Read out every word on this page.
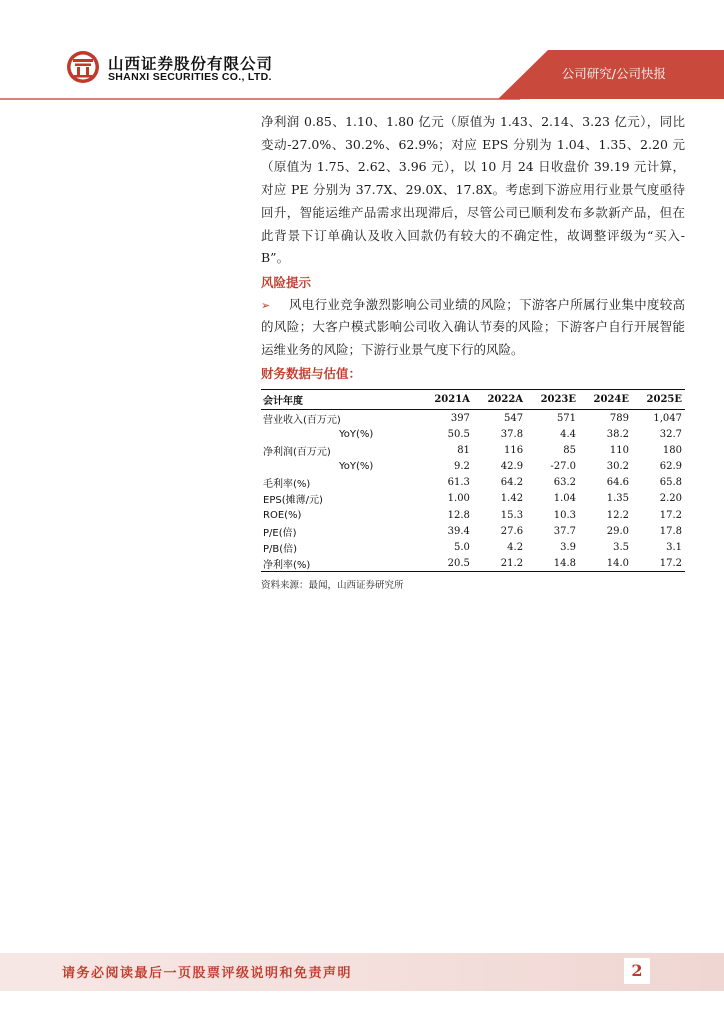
山西证券股份有限公司
SHANXI SECURITIES CO., LTD.	公司研究/公司快报

净利润 0.85、1.10、1.80 亿元（原值为 1.43、2.14、3.23 亿元），同比变动-27.0%、30.2%、62.9%；对应 EPS 分别为 1.04、1.35、2.20 元（原值为 1.75、2.62、3.96 元），以 10 月 24 日收盘价 39.19 元计算，对应 PE 分别为 37.7X、29.0X、17.8X。考虑到下游应用行业景气度亟待回升，智能运维产品需求出现滞后，尽管公司已顺利发布多款新产品，但在此背景下订单确认及收入回款仍有较大的不确定性，故调整评级为“买入-B”。

风险提示

➢ 风电行业竞争激烈影响公司业绩的风险；下游客户所属行业集中度较高的风险；大客户模式影响公司收入确认节奏的风险；下游客户自行开展智能运维业务的风险；下游行业景气度下行的风险。

财务数据与估值：
会计年度	2021A	2022A	2023E	2024E	2025E
营业收入(百万元)	397	547	571	789	1,047
YoY(%)	50.5	37.8	4.4	38.2	32.7
净利润(百万元)	81	116	85	110	180
YoY(%)	9.2	42.9	-27.0	30.2	62.9
毛利率(%)	61.3	64.2	63.2	64.6	65.8
EPS(摊薄/元)	1.00	1.42	1.04	1.35	2.20
ROE(%)	12.8	15.3	10.3	12.2	17.2
P/E(倍)	39.4	27.6	37.7	29.0	17.8
P/B(倍)	5.0	4.2	3.9	3.5	3.1
净利率(%)	20.5	21.2	14.8	14.0	17.2
资料来源：最闻，山西证券研究所
请务必阅读最后一页股票评级说明和免责声明	2
